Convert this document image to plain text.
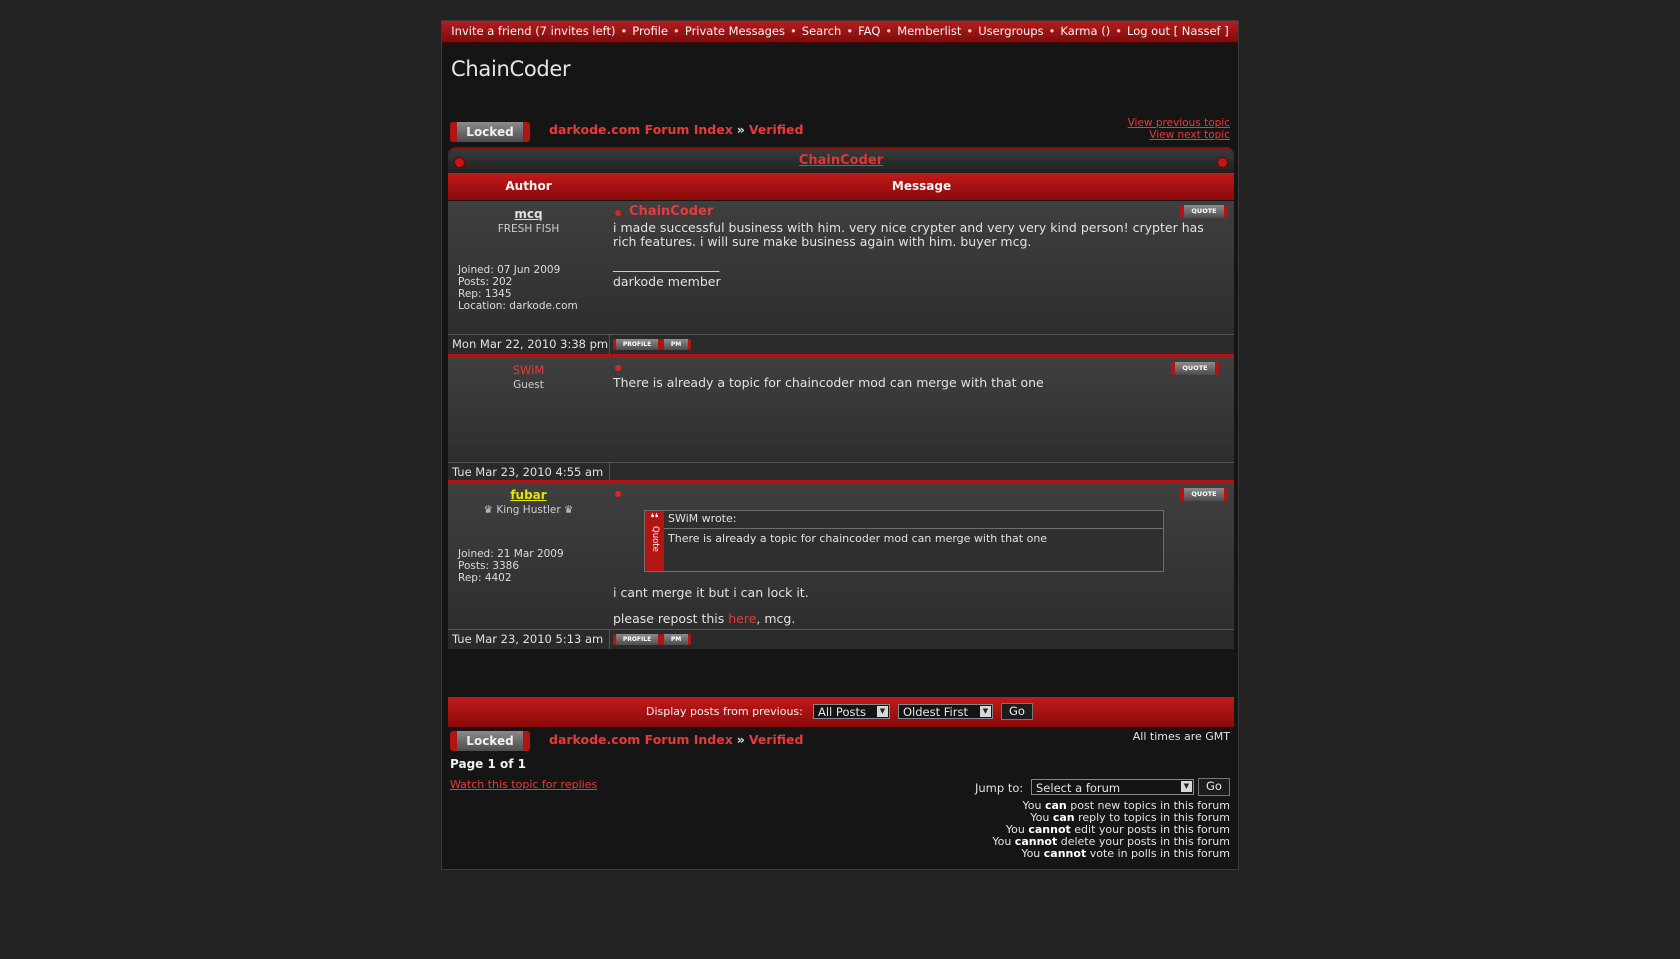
Invite a friend (7 invites left) • Profile • Private Messages • Search • FAQ • Memberlist • Usergroups • Karma () • Log out [ Nassef ]
ChainCoder
Locked	darkode.com Forum Index » Verified	View previous topic
View next topic
ChainCoder
Author	Message
mcq
FRESH FISH
Joined: 07 Jun 2009
Posts: 202
Rep: 1345
Location: darkode.com
ChainCoder	QUOTE
i made successful business with him. very nice crypter and very very kind person! crypter has rich features. i will sure make business again with him. buyer mcg.
_________________
darkode member
Mon Mar 22, 2010 3:38 pm	PROFILE	PM
SWiM
Guest
QUOTE
There is already a topic for chaincoder mod can merge with that one
Tue Mar 23, 2010 4:55 am
fubar
♛ King Hustler ♛
Joined: 21 Mar 2009
Posts: 3386
Rep: 4402
QUOTE
❛❛
Quote
SWiM wrote:
There is already a topic for chaincoder mod can merge with that one
i cant merge it but i can lock it.
please repost this here, mcg.
Tue Mar 23, 2010 5:13 am	PROFILE	PM
Display posts from previous:	All Posts	▼	Oldest First	▼	Go
Locked	darkode.com Forum Index » Verified	All times are GMT
Page 1 of 1
Watch this topic for replies	Jump to:	Select a forum	▼	Go
You can post new topics in this forum
You can reply to topics in this forum
You cannot edit your posts in this forum
You cannot delete your posts in this forum
You cannot vote in polls in this forum
